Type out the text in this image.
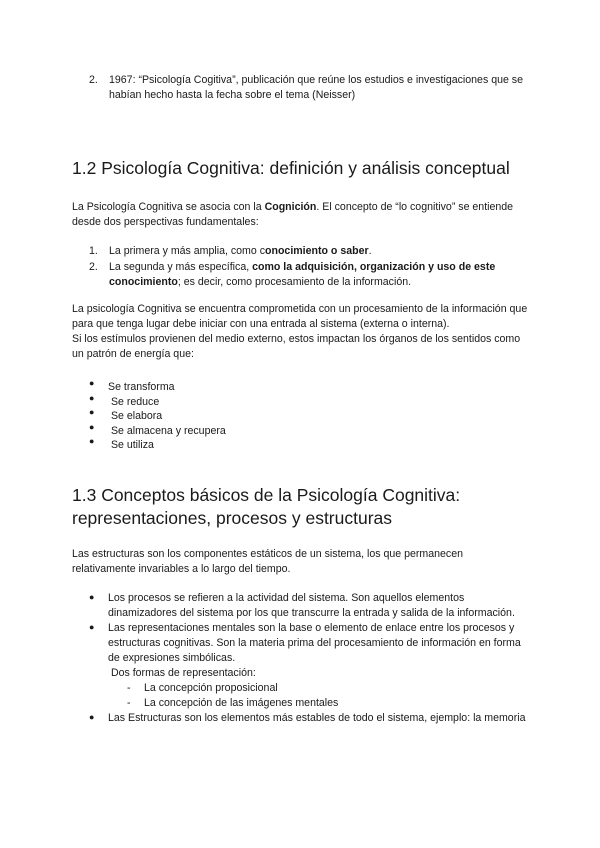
2.	1967: “Psicología Cogitiva”, publicación que reúne los estudios e investigaciones que se habían hecho hasta la fecha sobre el tema (Neisser)

1.2 Psicología Cognitiva: definición y análisis conceptual

La Psicología Cognitiva se asocia con la Cognición. El concepto de “lo cognitivo” se entiende desde dos perspectivas fundamentales:

1.	La primera y más amplia, como conocimiento o saber.

2.	La segunda y más específica, como la adquisición, organización y uso de este conocimiento; es decir, como procesamiento de la información.

La psicología Cognitiva se encuentra comprometida con un procesamiento de la información que para que tenga lugar debe iniciar con una entrada al sistema (externa o interna).

Si los estímulos provienen del medio externo, estos impactan los órganos de los sentidos como un patrón de energía que:

● Se transforma
● Se reduce
● Se elabora
● Se almacena y recupera
● Se utiliza
1.3 Conceptos básicos de la Psicología Cognitiva: representaciones, procesos y estructuras

Las estructuras son los componentes estáticos de un sistema, los que permanecen relativamente invariables a lo largo del tiempo.

●	Los procesos se refieren a la actividad del sistema. Son aquellos elementos dinamizadores del sistema por los que transcurre la entrada y salida de la información.

●	Las representaciones mentales son la base o elemento de enlace entre los procesos y estructuras cognitivas. Son la materia prima del procesamiento de información en forma de expresiones simbólicas.

Dos formas de representación:

-	La concepción proposicional

-	La concepción de las imágenes mentales

●	Las Estructuras son los elementos más estables de todo el sistema, ejemplo: la memoria
